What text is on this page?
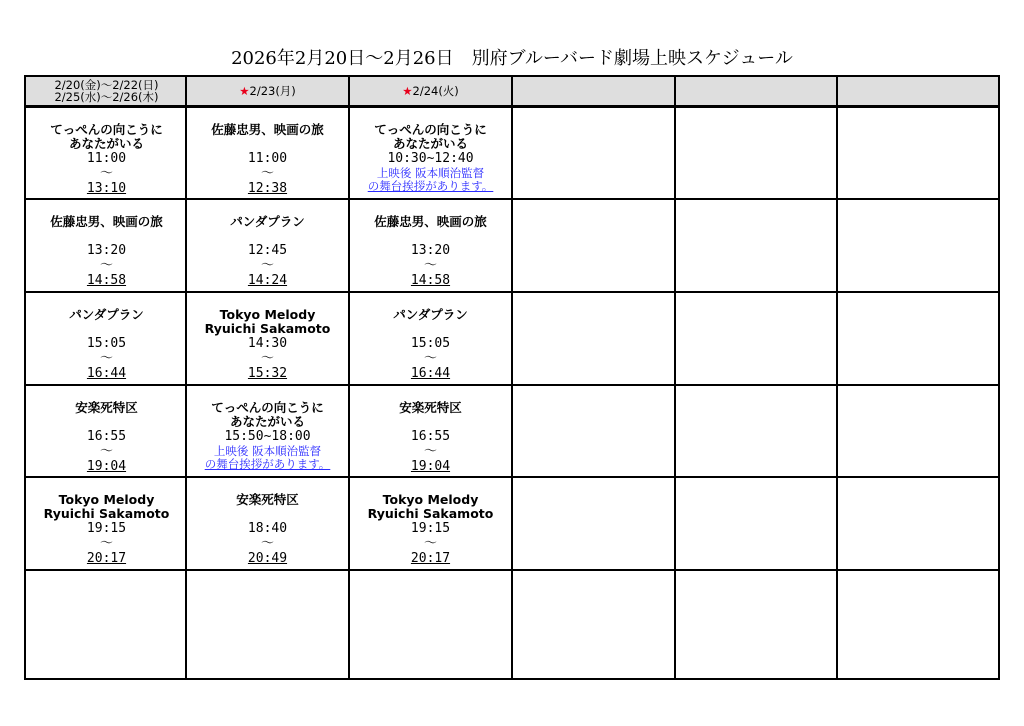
2026年2月20日〜2月26日　別府ブルーバード劇場上映スケジュール
2/20(金)〜2/22(日)
2/25(水)〜2/26(木)	★2/23(月)	★2/24(火)
てっぺんの向こうに
あなたがいる
11:00
〜
13:10
佐藤忠男、映画の旅

13:20
〜
14:58
パンダプラン

15:05
〜
16:44
安楽死特区

16:55
〜
19:04
Tokyo Melody
Ryuichi Sakamoto
19:15
〜
20:17
佐藤忠男、映画の旅

11:00
〜
12:38
パンダプラン

12:45
〜
14:24
Tokyo Melody
Ryuichi Sakamoto
14:30
〜
15:32
てっぺんの向こうに
あなたがいる
15:50~18:00
上映後 阪本順治監督
の舞台挨拶があります。
安楽死特区

18:40
〜
20:49
てっぺんの向こうに
あなたがいる
10:30~12:40
上映後 阪本順治監督
の舞台挨拶があります。
佐藤忠男、映画の旅

13:20
〜
14:58
パンダプラン

15:05
〜
16:44
安楽死特区

16:55
〜
19:04
Tokyo Melody
Ryuichi Sakamoto
19:15
〜
20:17
